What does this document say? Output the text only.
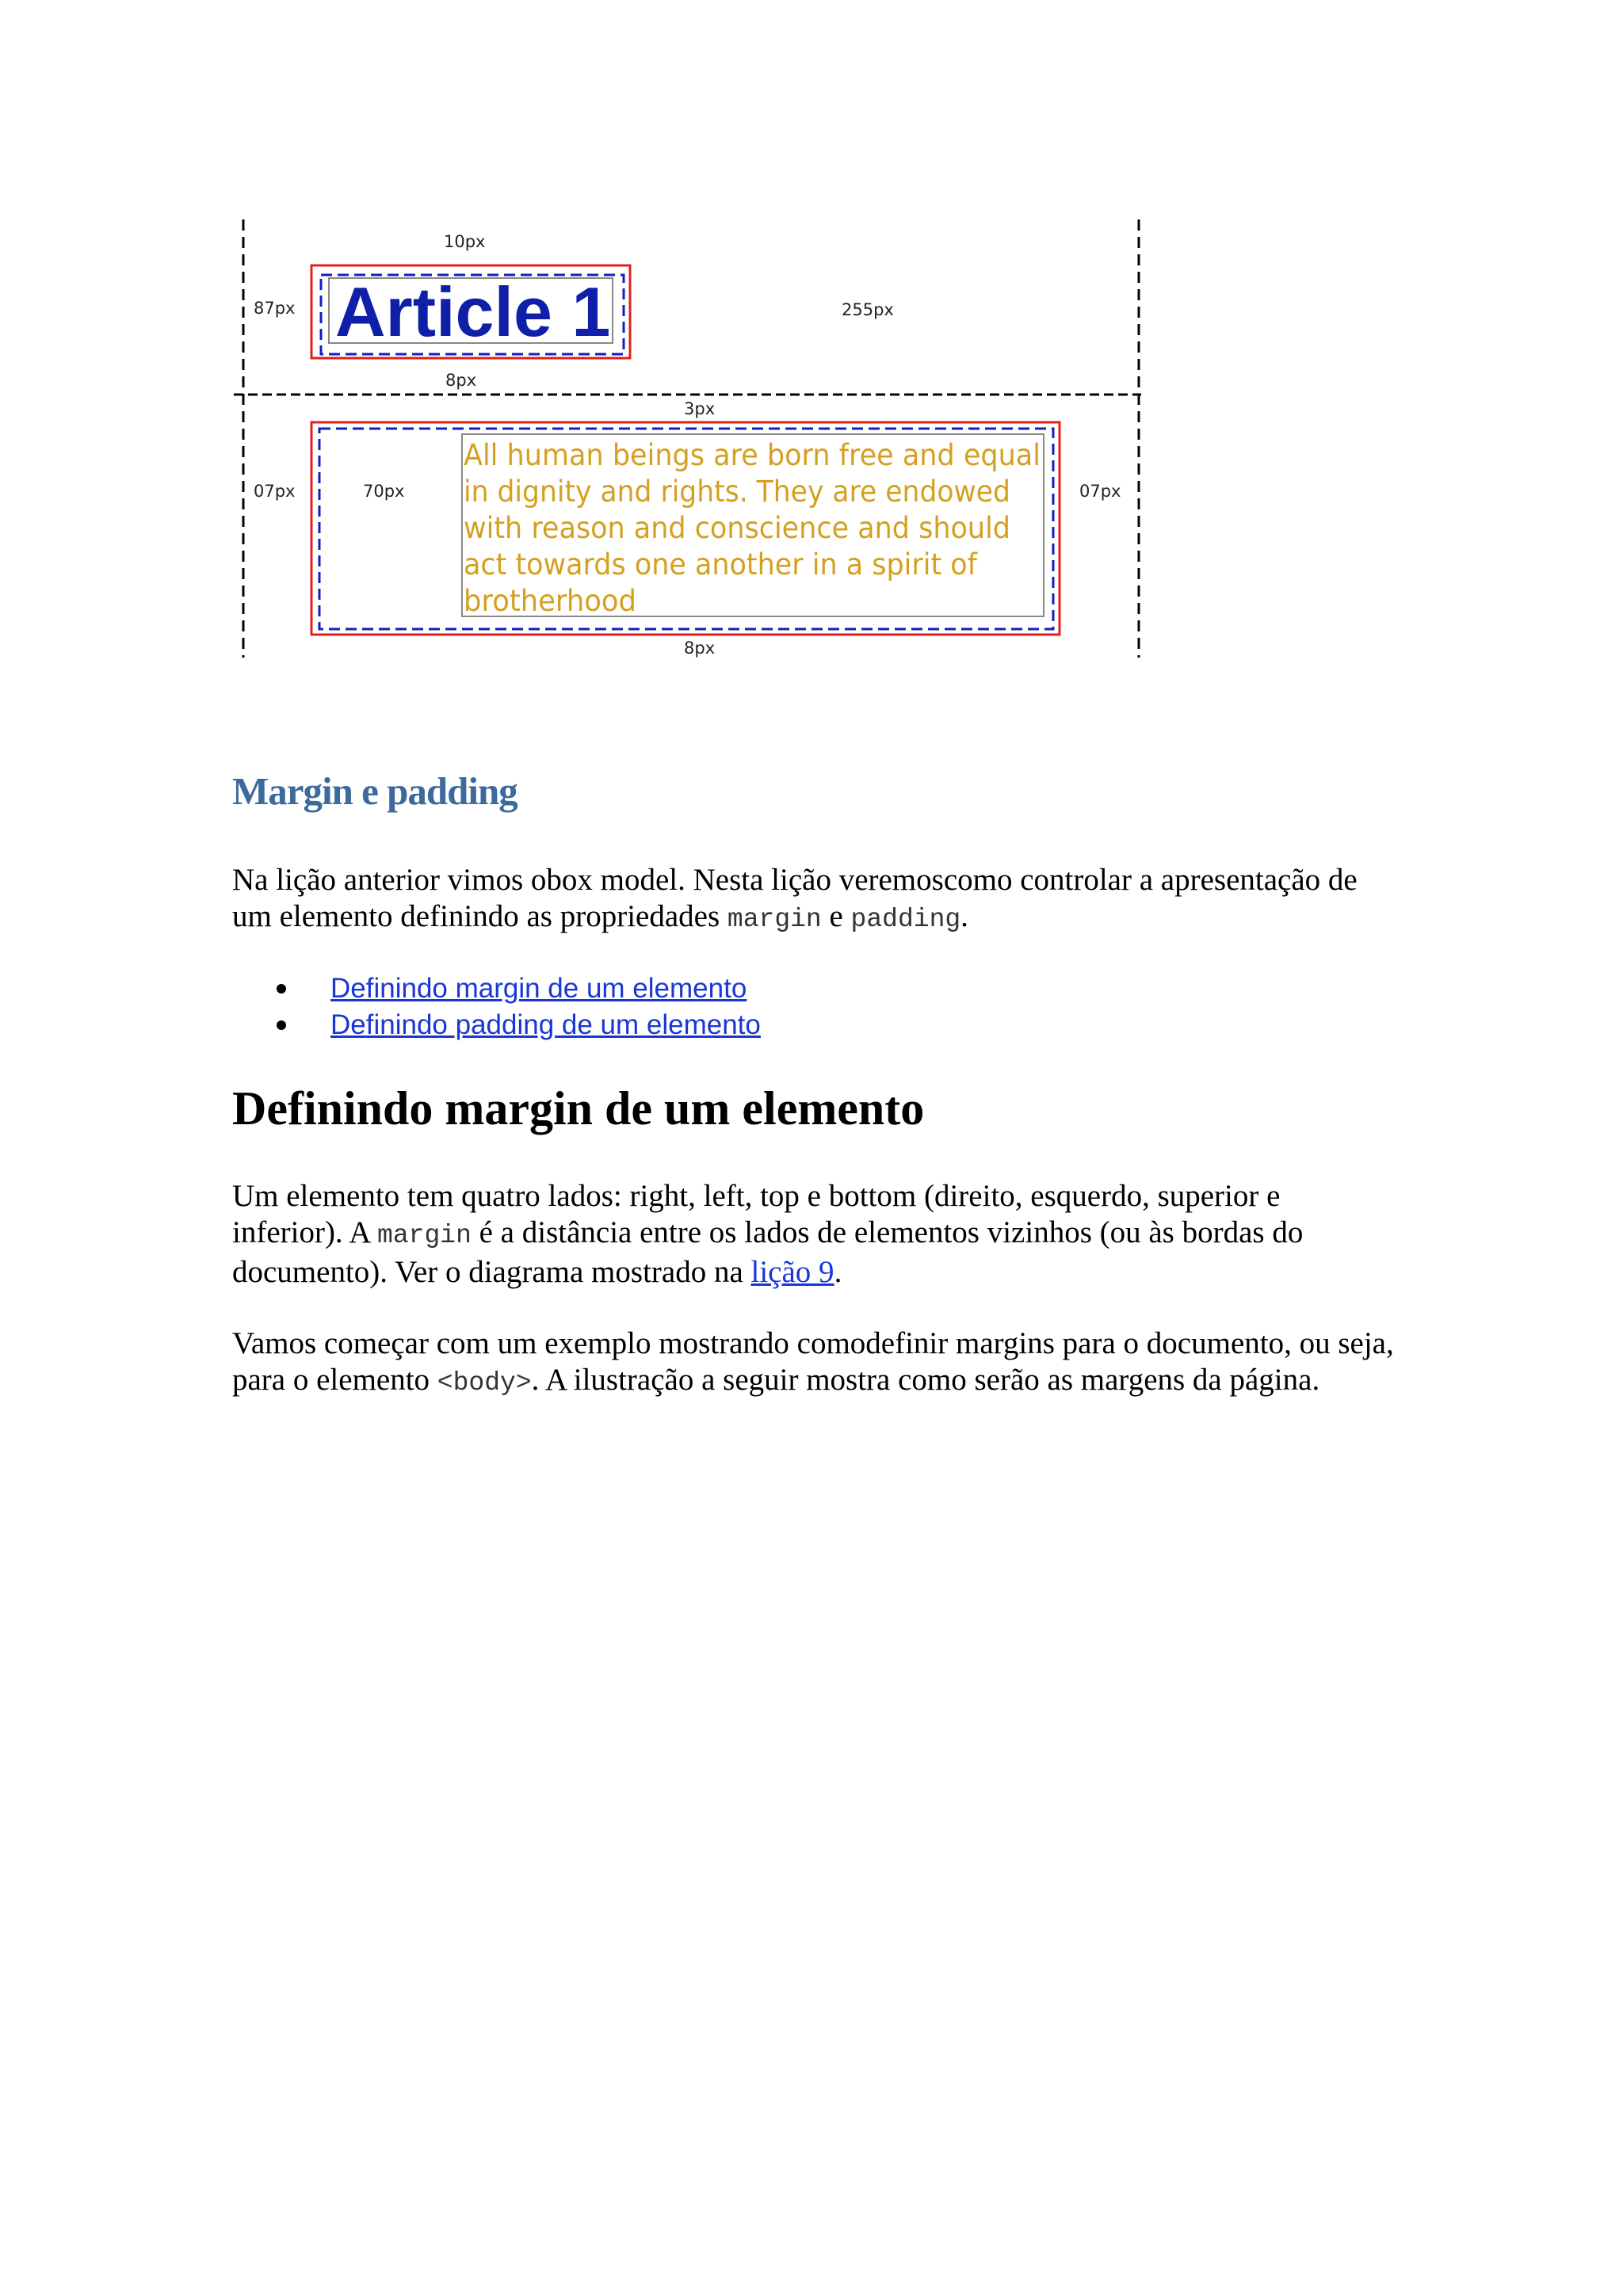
Article 1
All human beings are born free and equal
in dignity and rights. They are endowed
with reason and conscience and should
act towards one another in a spirit of
brotherhood
10px
87px	255px
8px
3px
07px	70px	07px
8px
Margin e padding

Na lição anterior vimos obox model. Nesta lição veremoscomo controlar a apresentação de um elemento definindo as propriedades margin e padding.

Definindo margin de um elemento
Definindo padding de um elemento
Definindo margin de um elemento

Um elemento tem quatro lados: right, left, top e bottom (direito, esquerdo, superior e inferior). A margin é a distância entre os lados de elementos vizinhos (ou às bordas do documento). Ver o diagrama mostrado na lição 9.

Vamos começar com um exemplo mostrando comodefinir margins para o documento, ou seja, para o elemento <body>. A ilustração a seguir mostra como serão as margens da página.
